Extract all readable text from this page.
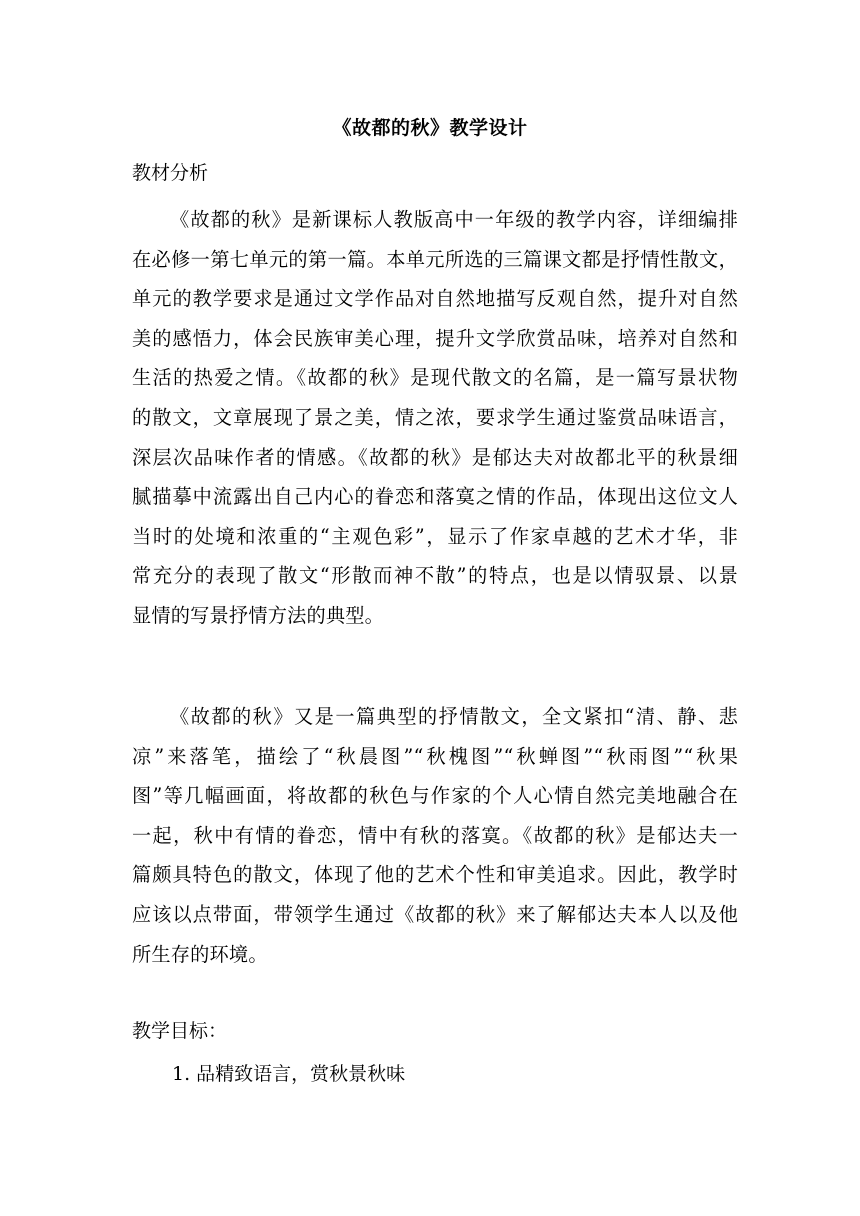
《故都的秋》教学设计
教材分析
《故都的秋》是新课标人教版高中一年级的教学内容，详细编排
在必修一第七单元的第一篇。本单元所选的三篇课文都是抒情性散文，
单元的教学要求是通过文学作品对自然地描写反观自然，提升对自然
美的感悟力，体会民族审美心理，提升文学欣赏品味，培养对自然和
生活的热爱之情。《故都的秋》是现代散文的名篇，是一篇写景状物
的散文，文章展现了景之美，情之浓，要求学生通过鉴赏品味语言，
深层次品味作者的情感。《故都的秋》是郁达夫对故都北平的秋景细
腻描摹中流露出自己内心的眷恋和落寞之情的作品，体现出这位文人
当时的处境和浓重的“主观色彩”，显示了作家卓越的艺术才华，非
常充分的表现了散文“形散而神不散”的特点，也是以情驭景、以景
显情的写景抒情方法的典型。
《故都的秋》又是一篇典型的抒情散文，全文紧扣“清、静、悲
凉”来落笔，描绘了“秋晨图”“秋槐图”“秋蝉图”“秋雨图”“秋果
图”等几幅画面，将故都的秋色与作家的个人心情自然完美地融合在
一起，秋中有情的眷恋，情中有秋的落寞。《故都的秋》是郁达夫一
篇颇具特色的散文，体现了他的艺术个性和审美追求。因此，教学时
应该以点带面，带领学生通过《故都的秋》来了解郁达夫本人以及他
所生存的环境。
教学目标：
1. 品精致语言，赏秋景秋味
